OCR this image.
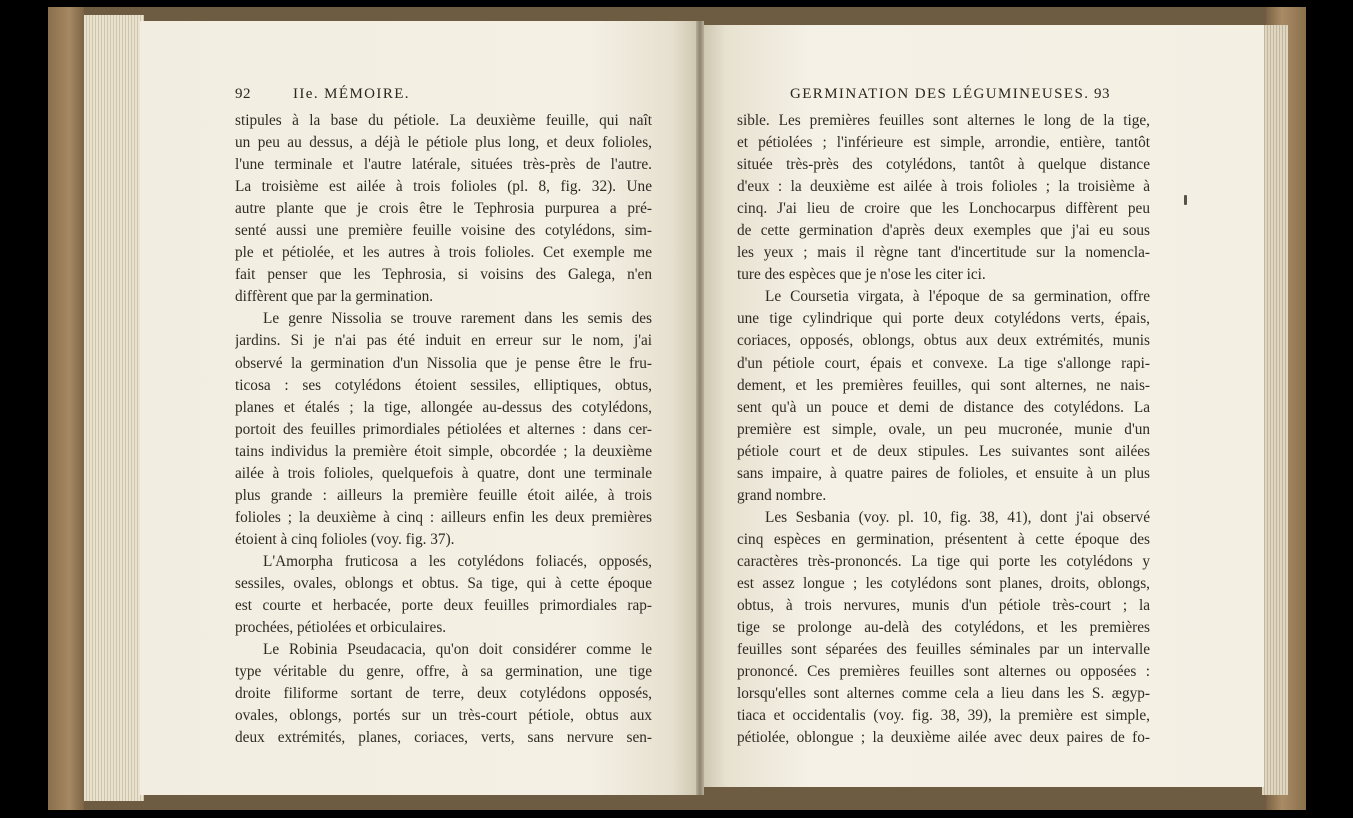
92	IIe. MÉMOIRE.	GERMINATION DES LÉGUMINEUSES. 93
stipules à la base du pétiole. La deuxième feuille, qui naît
un peu au dessus, a déjà le pétiole plus long, et deux folioles,
l'une terminale et l'autre latérale, situées très-près de l'autre.
La troisième est ailée à trois folioles (pl. 8, fig. 32). Une
autre plante que je crois être le Tephrosia purpurea a pré-
senté aussi une première feuille voisine des cotylédons, sim-
ple et pétiolée, et les autres à trois folioles. Cet exemple me
fait penser que les Tephrosia, si voisins des Galega, n'en
diffèrent que par la germination.
Le genre Nissolia se trouve rarement dans les semis des
jardins. Si je n'ai pas été induit en erreur sur le nom, j'ai
observé la germination d'un Nissolia que je pense être le fru-
ticosa : ses cotylédons étoient sessiles, elliptiques, obtus,
planes et étalés ; la tige, allongée au-dessus des cotylédons,
portoit des feuilles primordiales pétiolées et alternes : dans cer-
tains individus la première étoit simple, obcordée ; la deuxième
ailée à trois folioles, quelquefois à quatre, dont une terminale
plus grande : ailleurs la première feuille étoit ailée, à trois
folioles ; la deuxième à cinq : ailleurs enfin les deux premières
étoient à cinq folioles (voy. fig. 37).
L'Amorpha fruticosa a les cotylédons foliacés, opposés,
sessiles, ovales, oblongs et obtus. Sa tige, qui à cette époque
est courte et herbacée, porte deux feuilles primordiales rap-
prochées, pétiolées et orbiculaires.
Le Robinia Pseudacacia, qu'on doit considérer comme le
type véritable du genre, offre, à sa germination, une tige
droite filiforme sortant de terre, deux cotylédons opposés,
ovales, oblongs, portés sur un très-court pétiole, obtus aux
deux extrémités, planes, coriaces, verts, sans nervure sen-
sible. Les premières feuilles sont alternes le long de la tige,
et pétiolées ; l'inférieure est simple, arrondie, entière, tantôt
située très-près des cotylédons, tantôt à quelque distance
d'eux : la deuxième est ailée à trois folioles ; la troisième à
cinq. J'ai lieu de croire que les Lonchocarpus diffèrent peu
de cette germination d'après deux exemples que j'ai eu sous
les yeux ; mais il règne tant d'incertitude sur la nomencla-
ture des espèces que je n'ose les citer ici.
Le Coursetia virgata, à l'époque de sa germination, offre
une tige cylindrique qui porte deux cotylédons verts, épais,
coriaces, opposés, oblongs, obtus aux deux extrémités, munis
d'un pétiole court, épais et convexe. La tige s'allonge rapi-
dement, et les premières feuilles, qui sont alternes, ne nais-
sent qu'à un pouce et demi de distance des cotylédons. La
première est simple, ovale, un peu mucronée, munie d'un
pétiole court et de deux stipules. Les suivantes sont ailées
sans impaire, à quatre paires de folioles, et ensuite à un plus
grand nombre.
Les Sesbania (voy. pl. 10, fig. 38, 41), dont j'ai observé
cinq espèces en germination, présentent à cette époque des
caractères très-prononcés. La tige qui porte les cotylédons y
est assez longue ; les cotylédons sont planes, droits, oblongs,
obtus, à trois nervures, munis d'un pétiole très-court ; la
tige se prolonge au-delà des cotylédons, et les premières
feuilles sont séparées des feuilles séminales par un intervalle
prononcé. Ces premières feuilles sont alternes ou opposées :
lorsqu'elles sont alternes comme cela a lieu dans les S. ægyp-
tiaca et occidentalis (voy. fig. 38, 39), la première est simple,
pétiolée, oblongue ; la deuxième ailée avec deux paires de fo-
